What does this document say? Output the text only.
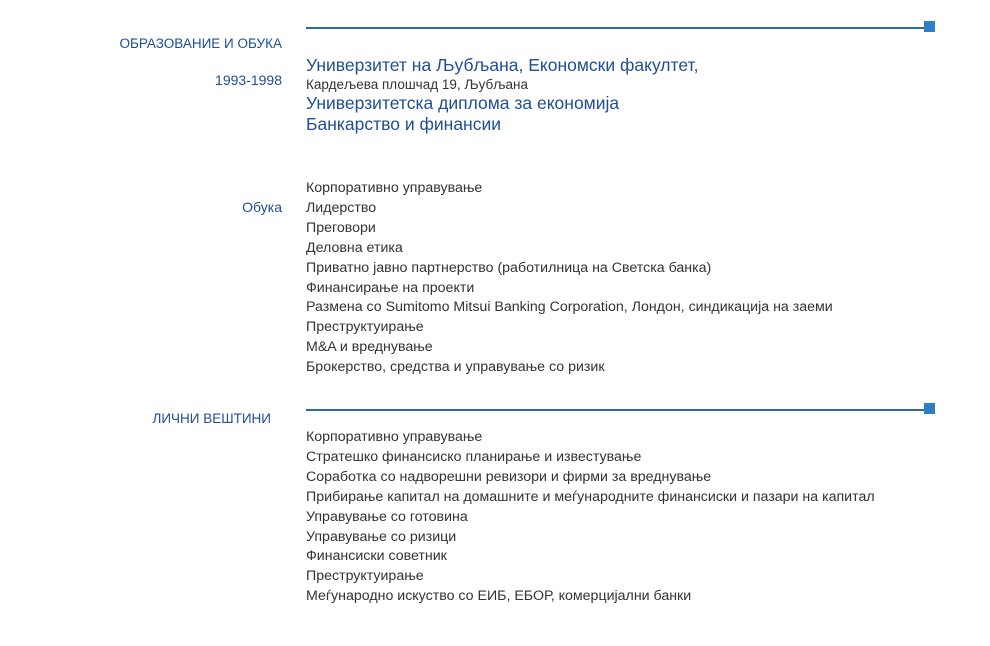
ОБРАЗОВАНИЕ И ОБУКА
1993-1998
Универзитет на Љубљана, Економски факултет,
Кардељева плошчад 19, Љубљана
Универзитетска диплома за економија
Банкарство и финансии
Обука
Корпоративно управување
Лидерство
Преговори
Деловна етика
Приватно јавно партнерство (работилница на Светска банка)
Финансирање на проекти
Размена со Sumitomo Mitsui Banking Corporation, Лондон, синдикација на заеми
Преструктуирање
M&A и вреднување
Брокерство, средства и управување со ризик
ЛИЧНИ ВЕШТИНИ
Корпоративно управување
Стратешко финансиско планирање и известување
Соработка со надворешни ревизори и фирми за вреднување
Прибирање капитал на домашните и меѓународните финансиски и пазари на капитал
Управување со готовина
Управување со ризици
Финансиски советник
Преструктуирање
Меѓународно искуство со ЕИБ, ЕБОР, комерцијални банки
